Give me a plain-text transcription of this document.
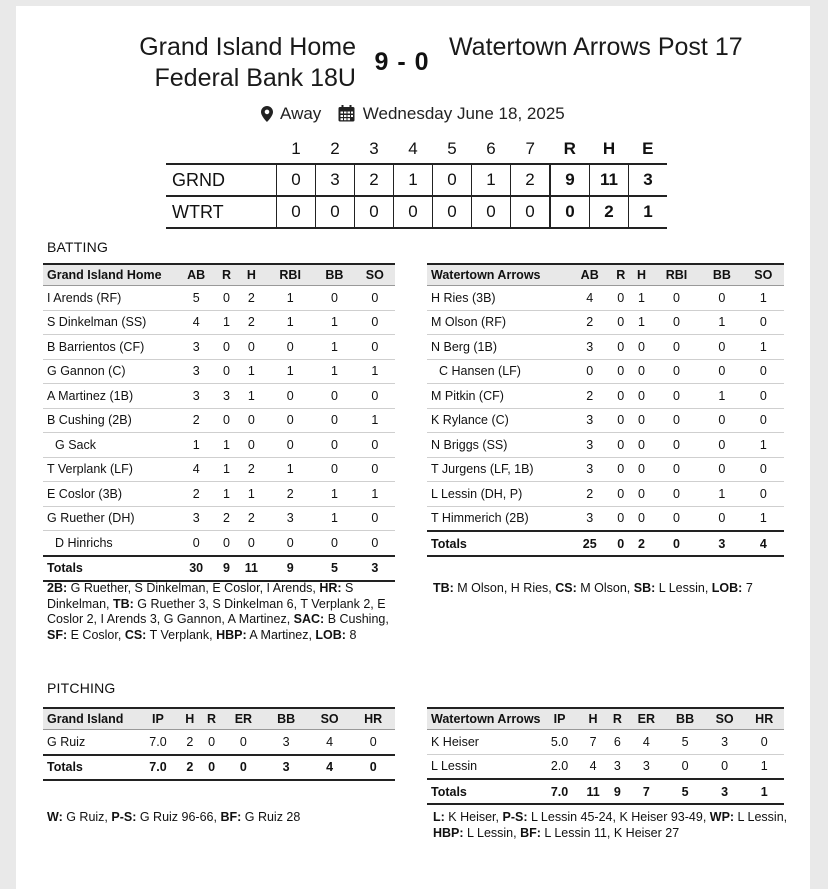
Grand Island Home Federal Bank 18U
9 - 0
Watertown Arrows Post 17
Away Wednesday June 18, 2025
	1	2	3	4	5	6	7	R	H	E
GRND	0	3	2	1	0	1	2	9	11	3
WTRT	0	0	0	0	0	0	0	0	2	1
BATTING
Grand Island Home	AB	R	H	RBI	BB	SO
I Arends (RF)	5	0	2	1	0	0
S Dinkelman (SS)	4	1	2	1	1	0
B Barrientos (CF)	3	0	0	0	1	0
G Gannon (C)	3	0	1	1	1	1
A Martinez (1B)	3	3	1	0	0	0
B Cushing (2B)	2	0	0	0	0	1
G Sack	1	1	0	0	0	0
T Verplank (LF)	4	1	2	1	0	0
E Coslor (3B)	2	1	1	2	1	1
G Ruether (DH)	3	2	2	3	1	0
D Hinrichs	0	0	0	0	0	0
Totals	30	9	11	9	5	3
Watertown Arrows	AB	R	H	RBI	BB	SO
H Ries (3B)	4	0	1	0	0	1
M Olson (RF)	2	0	1	0	1	0
N Berg (1B)	3	0	0	0	0	1
C Hansen (LF)	0	0	0	0	0	0
M Pitkin (CF)	2	0	0	0	1	0
K Rylance (C)	3	0	0	0	0	0
N Briggs (SS)	3	0	0	0	0	1
T Jurgens (LF, 1B)	3	0	0	0	0	0
L Lessin (DH, P)	2	0	0	0	1	0
T Himmerich (2B)	3	0	0	0	0	1
Totals	25	0	2	0	3	4
2B: G Ruether, S Dinkelman, E Coslor, I Arends, HR: S Dinkelman, TB: G Ruether 3, S Dinkelman 6, T Verplank 2, E Coslor 2, I Arends 3, G Gannon, A Martinez, SAC: B Cushing, SF: E Coslor, CS: T Verplank, HBP: A Martinez, LOB: 8
TB: M Olson, H Ries, CS: M Olson, SB: L Lessin, LOB: 7
PITCHING
Grand Island	IP	H	R	ER	BB	SO	HR
G Ruiz	7.0	2	0	0	3	4	0
Totals	7.0	2	0	0	3	4	0
Watertown Arrows	IP	H	R	ER	BB	SO	HR
K Heiser	5.0	7	6	4	5	3	0
L Lessin	2.0	4	3	3	0	0	1
Totals	7.0	11	9	7	5	3	1
W: G Ruiz, P-S: G Ruiz 96-66, BF: G Ruiz 28	L: K Heiser, P-S: L Lessin 45-24, K Heiser 93-49, WP: L Lessin, HBP: L Lessin, BF: L Lessin 11, K Heiser 27
